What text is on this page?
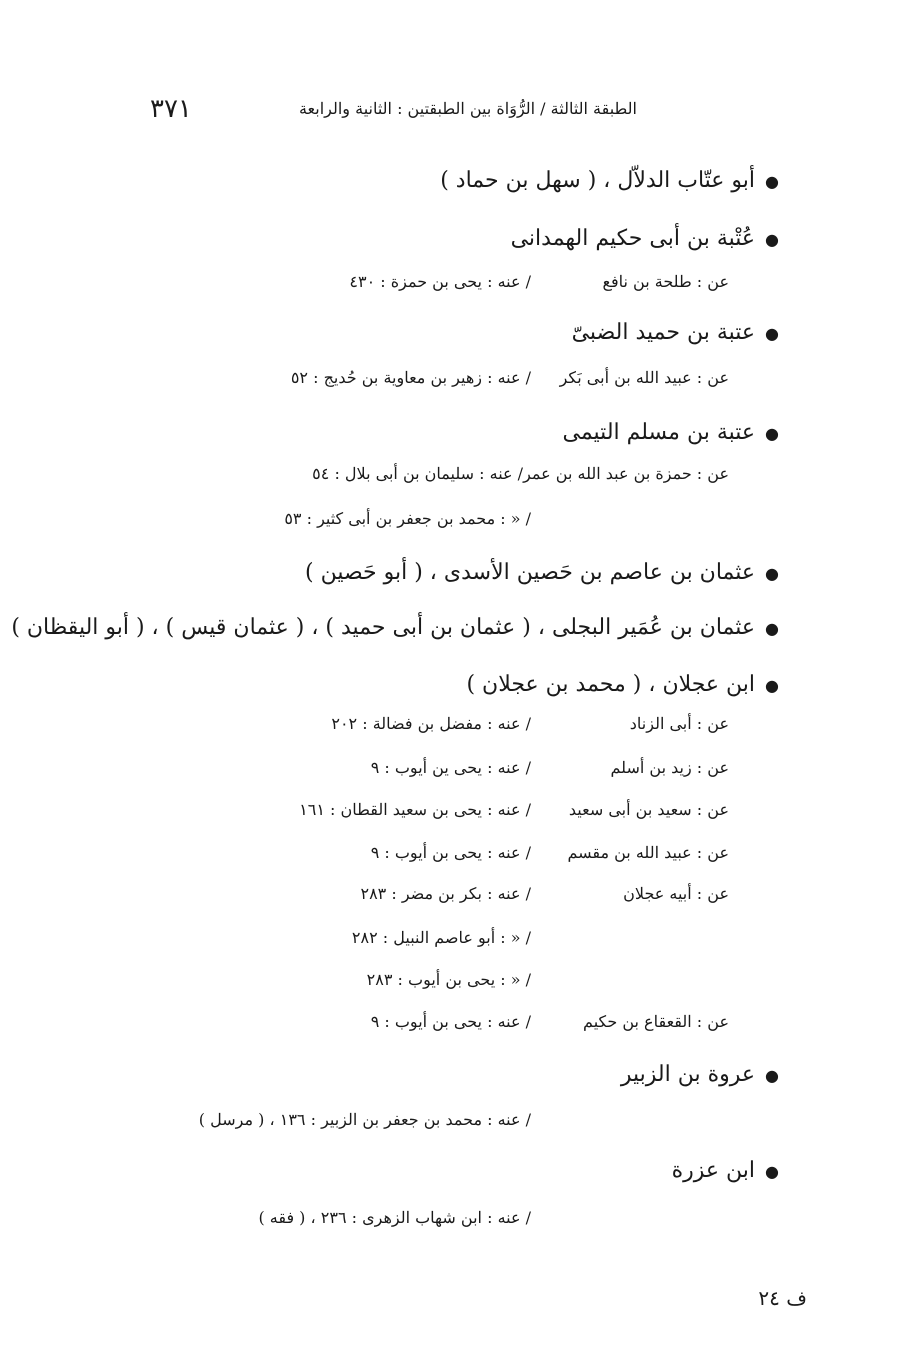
الطبقة الثالثة / الرُّوَاة بين الطبقتين : الثانية والرابعة
٣٧١
●أبو عتّاب الدلاّل ، ( سهل بن حماد )
●عُتْبة بن أبى حكيم الهمدانى
عن : طلحة بن نافع
/ عنه : يحى بن حمزة : ٤٣٠
●عتبة بن حميد الضبىّ
عن : عبيد الله بن أبى بَكر
/ عنه : زهير بن معاوية بن حُديج : ٥٢
●عتبة بن مسلم التيمى
عن : حمزة بن عبد الله بن عمر/ عنه : سليمان بن أبى بلال : ٥٤
/ « : محمد بن جعفر بن أبى كثير : ٥٣
●عثمان بن عاصم بن حَصين الأسدى ، ( أبو حَصين )
●عثمان بن عُمَير البجلى ، ( عثمان بن أبى حميد ) ، ( عثمان قيس ) ، ( أبو اليقظان )
●ابن عجلان ، ( محمد بن عجلان )
عن : أبى الزناد
/ عنه : مفضل بن فضالة : ٢٠٢
عن : زيد بن أسلم
/ عنه : يحى ين أيوب : ٩
عن : سعيد بن أبى سعيد
/ عنه : يحى بن سعيد القطان : ١٦١
عن : عبيد الله بن مقسم
/ عنه : يحى بن أيوب : ٩
عن : أبيه عجلان
/ عنه : بكر بن مضر : ٢٨٣
/ « : أبو عاصم النبيل : ٢٨٢
/ « : يحى بن أيوب : ٢٨٣
عن : القعقاع بن حكيم
/ عنه : يحى بن أيوب : ٩
●عروة بن الزبير
/ عنه : محمد بن جعفر بن الزبير : ١٣٦ ، ( مرسل )
●ابن عزرة
/ عنه : ابن شهاب الزهرى : ٢٣٦ ، ( فقه )
ف ٢٤
